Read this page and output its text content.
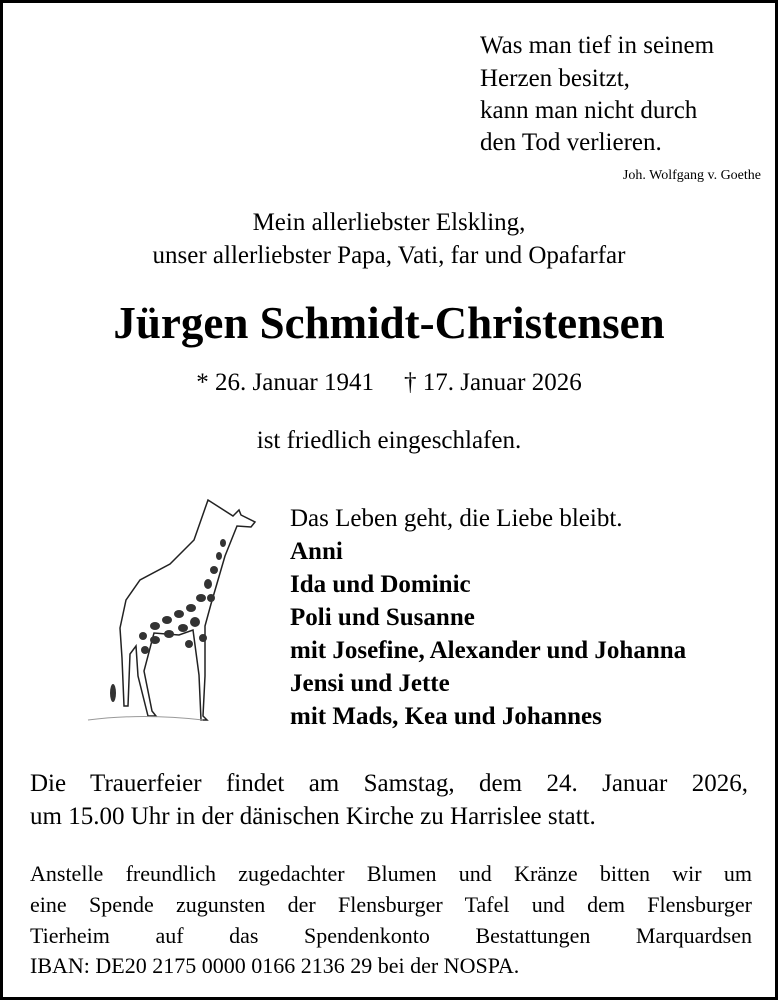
Was man tief in seinem
Herzen besitzt,
kann man nicht durch
den Tod verlieren.
Joh. Wolfgang v. Goethe
Mein allerliebster Elskling,
unser allerliebster Papa, Vati, far und Opafarfar
Jürgen Schmidt-Christensen
* 26. Januar 1941 † 17. Januar 2026
ist friedlich eingeschlafen.
Das Leben geht, die Liebe bleibt.
Anni
Ida und Dominic
Poli und Susanne
mit Josefine, Alexander und Johanna
Jensi und Jette
mit Mads, Kea und Johannes
Die Trauerfeier findet am Samstag, dem 24. Januar 2026,
um 15.00 Uhr in der dänischen Kirche zu Harrislee statt.
Anstelle freundlich zugedachter Blumen und Kränze bitten wir um
eine Spende zugunsten der Flensburger Tafel und dem Flensburger
Tierheim auf das Spendenkonto Bestattungen Marquardsen
IBAN: DE20 2175 0000 0166 2136 29 bei der NOSPA.
